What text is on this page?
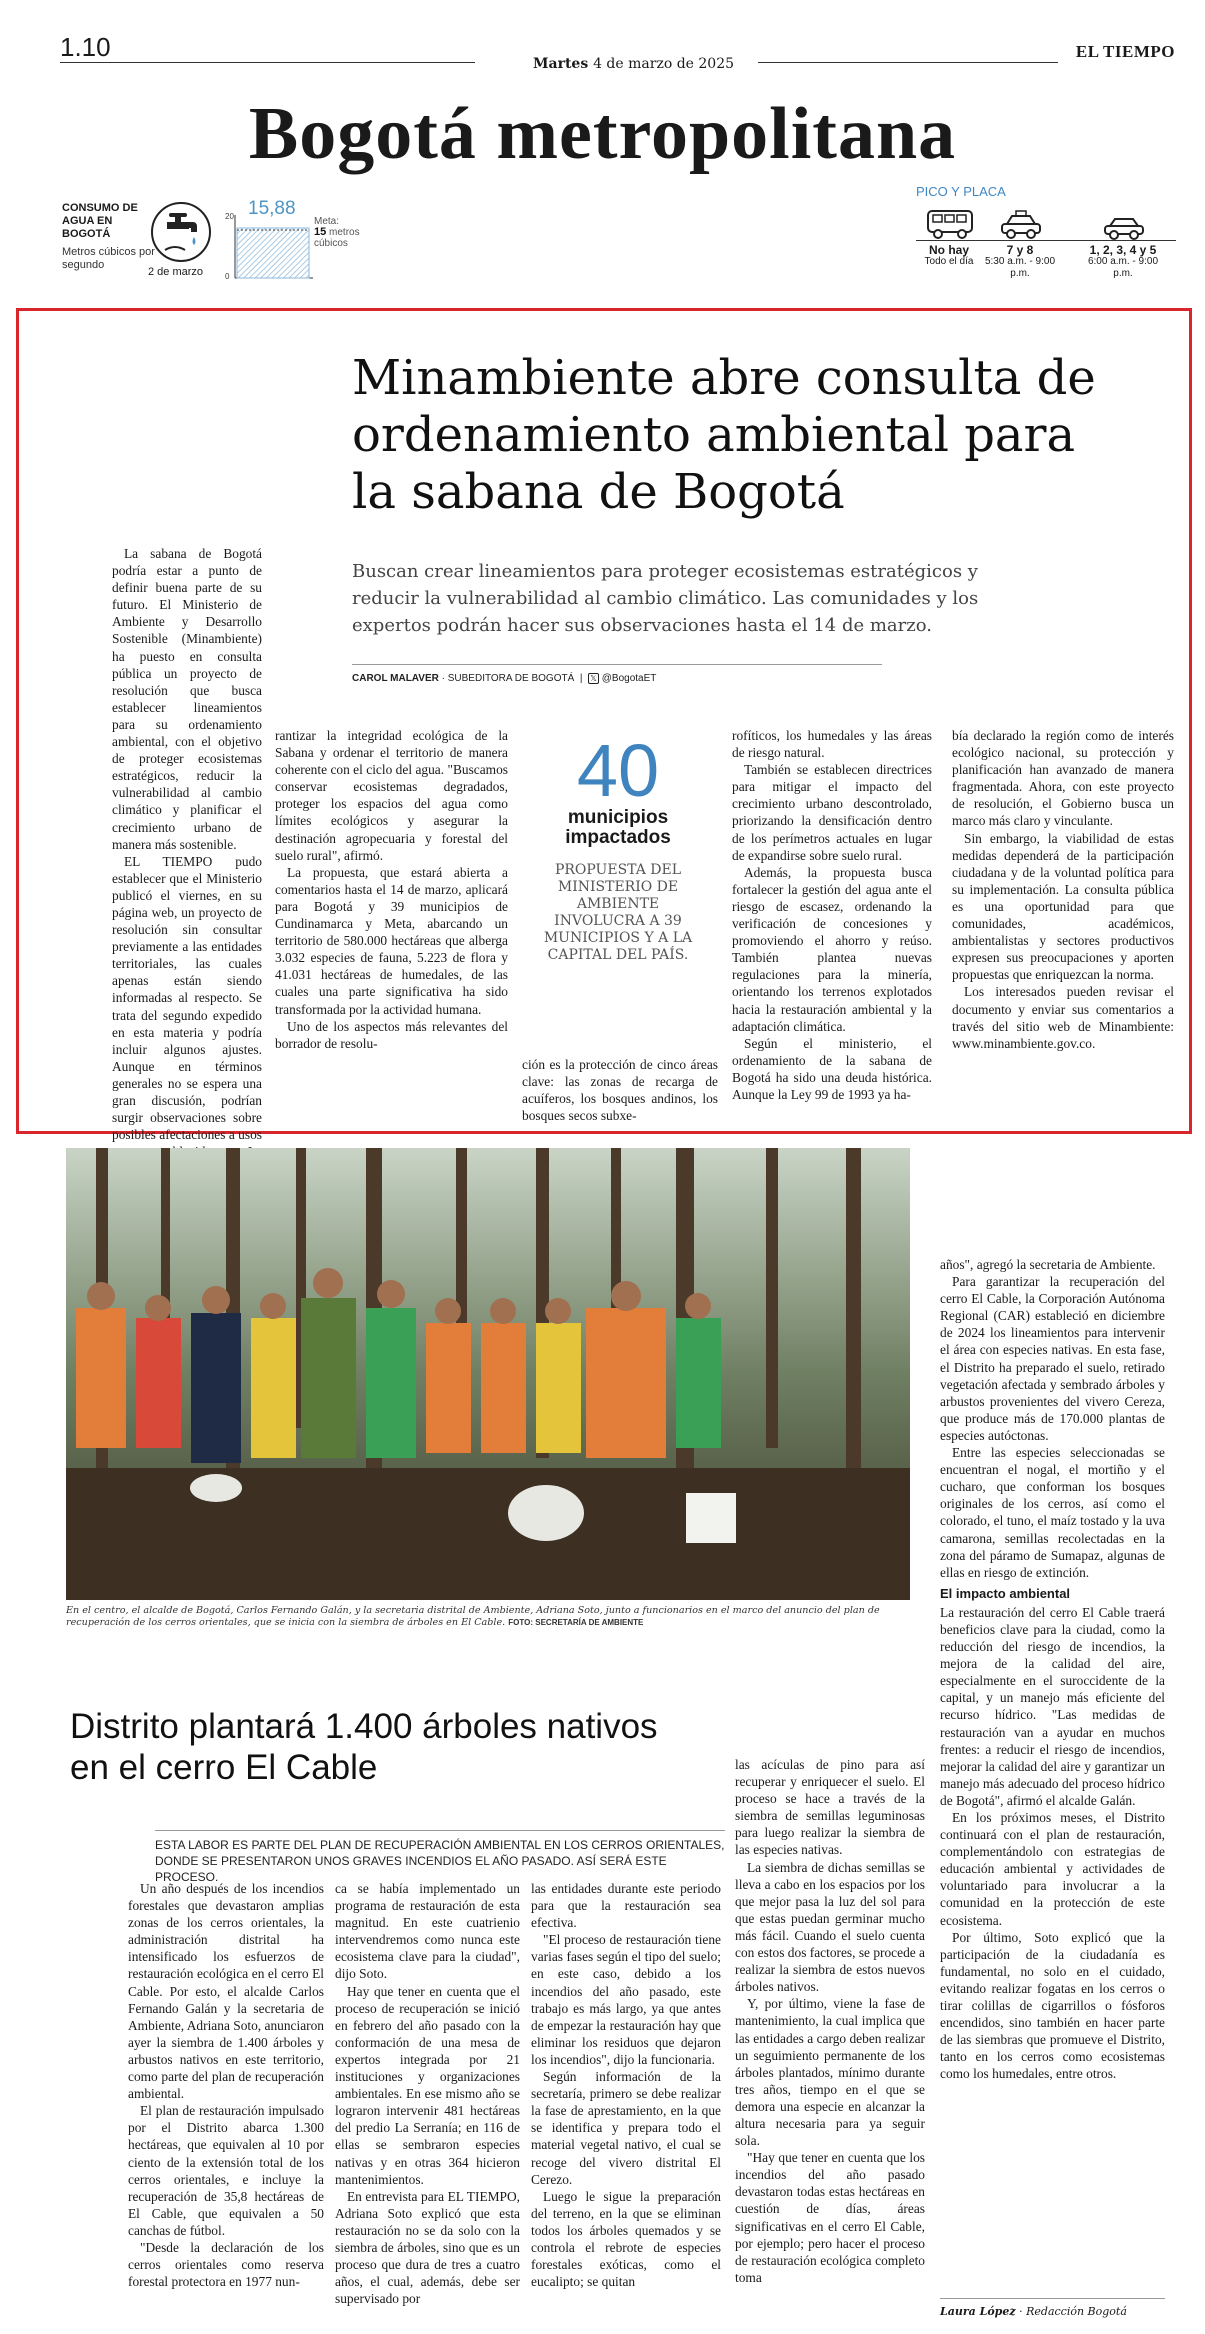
1.10
Martes 4 de marzo de 2025
EL TIEMPO
Bogotá metropolitana
CONSUMO DE AGUA EN BOGOTÁ
Metros cúbicos por segundo
2 de marzo
20
0
15,88
Meta:
15 metros cúbicos
PICO Y PLACA
No hay
Todo el día
7 y 8
5:30 a.m. - 9:00 p.m.
1, 2, 3, 4 y 5
6:00 a.m. - 9:00 p.m.
Minambiente abre consulta de ordenamiento ambiental para la sabana de Bogotá
Buscan crear lineamientos para proteger ecosistemas estratégicos y reducir la vulnerabilidad al cambio climático. Las comunidades y los expertos podrán hacer sus observaciones hasta el 14 de marzo.
CAROL MALAVER · SUBEDITORA DE BOGOTÁ  |  𝕏 @BogotaET

La sabana de Bogotá podría estar a punto de definir buena parte de su futuro. El Ministerio de Ambiente y Desarrollo Sostenible (Minambiente) ha puesto en consulta pública un proyecto de resolución que busca establecer lineamientos para su ordenamiento ambiental, con el objetivo de proteger ecosistemas estratégicos, reducir la vulnerabilidad al cambio climático y planificar el crecimiento urbano de manera más sostenible.

EL TIEMPO pudo establecer que el Ministerio publicó el viernes, en su página web, un proyecto de resolución sin consultar previamente a las entidades territoriales, las cuales apenas están siendo informadas al respecto. Se trata del segundo expedido en esta materia y podría incluir algunos ajustes. Aunque en términos generales no se espera una gran discusión, podrían surgir observaciones sobre posibles afectaciones a usos

rantizar la integridad ecológica de la Sabana y ordenar el territorio de manera coherente con el ciclo del agua. "Buscamos conservar ecosistemas degradados, proteger los espacios del agua como límites ecológicos y asegurar la destinación agropecuaria y forestal del suelo rural", afirmó.

La propuesta, que estará abierta a comentarios hasta el 14 de marzo, aplicará para Bogotá y 39 municipios de Cundinamarca y Meta, abarcando un territorio de 580.000 hectáreas que alberga 3.032 especies de fauna, 5.223 de flora y 41.031 hectáreas de humedales, de las cuales una parte significativa ha sido transformada por la actividad humana.

Uno de los aspectos más relevantes del borrador de resolu-

40
municipios impactados
PROPUESTA DEL MINISTERIO DE AMBIENTE INVOLUCRA A 39 MUNICIPIOS Y A LA CAPITAL DEL PAÍS.

ción es la protección de cinco áreas clave: las zonas de recarga de acuíferos, los bosques andinos, los bosques secos subxe-

rofíticos, los humedales y las áreas de riesgo natural.

También se establecen directrices para mitigar el impacto del crecimiento urbano descontrolado, priorizando la densificación dentro de los perímetros actuales en lugar de expandirse sobre suelo rural.

Además, la propuesta busca fortalecer la gestión del agua ante el riesgo de escasez, ordenando la verificación de concesiones y promoviendo el ahorro y reúso. También plantea nuevas regulaciones para la minería, orientando los terrenos explotados hacia la restauración ambiental y la adaptación climática.

Según el ministerio, el ordenamiento de la sabana de Bogotá ha sido una deuda histórica. Aunque la Ley 99 de 1993 ya ha-

bía declarado la región como de interés ecológico nacional, su protección y planificación han avanzado de manera fragmentada. Ahora, con este proyecto de resolución, el Gobierno busca un marco más claro y vinculante.

Sin embargo, la viabilidad de estas medidas dependerá de la participación ciudadana y de la voluntad política para su implementación. La consulta pública es una oportunidad para que comunidades, académicos, ambientalistas y sectores productivos expresen sus preocupaciones y aporten propuestas que enriquezcan la norma.

Los interesados pueden revisar el documento y enviar sus comentarios a través del sitio web de Minambiente: www.minambiente.gov.co.

En el centro, el alcalde de Bogotá, Carlos Fernando Galán, y la secretaria distrital de Ambiente, Adriana Soto, junto a funcionarios en el marco del anuncio del plan de recuperación de los cerros orientales, que se inicia con la siembra de árboles en El Cable. FOTO: SECRETARÍA DE AMBIENTE
Distrito plantará 1.400 árboles nativos en el cerro El Cable
ESTA LABOR ES PARTE DEL PLAN DE RECUPERACIÓN AMBIENTAL EN LOS CERROS ORIENTALES, DONDE SE PRESENTARON UNOS GRAVES INCENDIOS EL AÑO PASADO. ASÍ SERÁ ESTE PROCESO.

Un año después de los incendios forestales que devastaron amplias zonas de los cerros orientales, la administración distrital ha intensificado los esfuerzos de restauración ecológica en el cerro El Cable. Por esto, el alcalde Carlos Fernando Galán y la secretaria de Ambiente, Adriana Soto, anunciaron ayer la siembra de 1.400 árboles y arbustos nativos en este territorio, como parte del plan de recuperación ambiental.

El plan de restauración impulsado por el Distrito abarca 1.300 hectáreas, que equivalen al 10 por ciento de la extensión total de los cerros orientales, e incluye la recuperación de 35,8 hectáreas de El Cable, que equivalen a 50 canchas de fútbol.

"Desde la declaración de los cerros orientales como reserva forestal protectora en 1977 nun-

ca se había implementado un programa de restauración de esta magnitud. En este cuatrienio intervendremos como nunca este ecosistema clave para la ciudad", dijo Soto.

Hay que tener en cuenta que el proceso de recuperación se inició en febrero del año pasado con la conformación de una mesa de expertos integrada por 21 instituciones y organizaciones ambientales. En ese mismo año se lograron intervenir 481 hectáreas del predio La Serranía; en 116 de ellas se sembraron especies nativas y en otras 364 hicieron mantenimientos.

En entrevista para EL TIEMPO, Adriana Soto explicó que esta restauración no se da solo con la siembra de árboles, sino que es un proceso que dura de tres a cuatro años, el cual, además, debe ser supervisado por

las entidades durante este periodo para que la restauración sea efectiva.

"El proceso de restauración tiene varias fases según el tipo del suelo; en este caso, debido a los incendios del año pasado, este trabajo es más largo, ya que antes de empezar la restauración hay que eliminar los residuos que dejaron los incendios", dijo la funcionaria.

Según información de la secretaría, primero se debe realizar la fase de aprestamiento, en la que se identifica y prepara todo el material vegetal nativo, el cual se recoge del vivero distrital El Cerezo.

Luego le sigue la preparación del terreno, en la que se eliminan todos los árboles quemados y se controla el rebrote de especies forestales exóticas, como el eucalipto; se quitan

las acículas de pino para así recuperar y enriquecer el suelo. El proceso se hace a través de la siembra de semillas leguminosas para luego realizar la siembra de las especies nativas.

La siembra de dichas semillas se lleva a cabo en los espacios por los que mejor pasa la luz del sol para que estas puedan germinar mucho más fácil. Cuando el suelo cuenta con estos dos factores, se procede a realizar la siembra de estos nuevos árboles nativos.

Y, por último, viene la fase de mantenimiento, la cual implica que las entidades a cargo deben realizar un seguimiento permanente de los árboles plantados, mínimo durante tres años, tiempo en el que se demora una especie en alcanzar la altura necesaria para ya seguir sola.

"Hay que tener en cuenta que los incendios del año pasado devastaron todas estas hectáreas en cuestión de días, áreas significativas en el cerro El Cable, por ejemplo; pero hacer el proceso de restauración ecológica completo toma

años", agregó la secretaria de Ambiente.

Para garantizar la recuperación del cerro El Cable, la Corporación Autónoma Regional (CAR) estableció en diciembre de 2024 los lineamientos para intervenir el área con especies nativas. En esta fase, el Distrito ha preparado el suelo, retirado vegetación afectada y sembrado árboles y arbustos provenientes del vivero Cereza, que produce más de 170.000 plantas de especies autóctonas.

Entre las especies seleccionadas se encuentran el nogal, el mortiño y el cucharo, que conforman los bosques originales de los cerros, así como el colorado, el tuno, el maíz tostado y la uva camarona, semillas recolectadas en la zona del páramo de Sumapaz, algunas de ellas en riesgo de extinción.

El impacto ambiental

La restauración del cerro El Cable traerá beneficios clave para la ciudad, como la reducción del riesgo de incendios, la mejora de la calidad del aire, especialmente en el suroccidente de la capital, y un manejo más eficiente del recurso hídrico. "Las medidas de restauración van a ayudar en muchos frentes: a reducir el riesgo de incendios, mejorar la calidad del aire y garantizar un manejo más adecuado del proceso hídrico de Bogotá", afirmó el alcalde Galán.

En los próximos meses, el Distrito continuará con el plan de restauración, complementándolo con estrategias de educación ambiental y actividades de voluntariado para involucrar a la comunidad en la protección de este ecosistema.

Por último, Soto explicó que la participación de la ciudadanía es fundamental, no solo en el cuidado, evitando realizar fogatas en los cerros o tirar colillas de cigarrillos o fósforos encendidos, sino también en hacer parte de las siembras que promueve el Distrito, tanto en los cerros como ecosistemas como los humedales, entre otros.

Laura López · Redacción Bogotá
